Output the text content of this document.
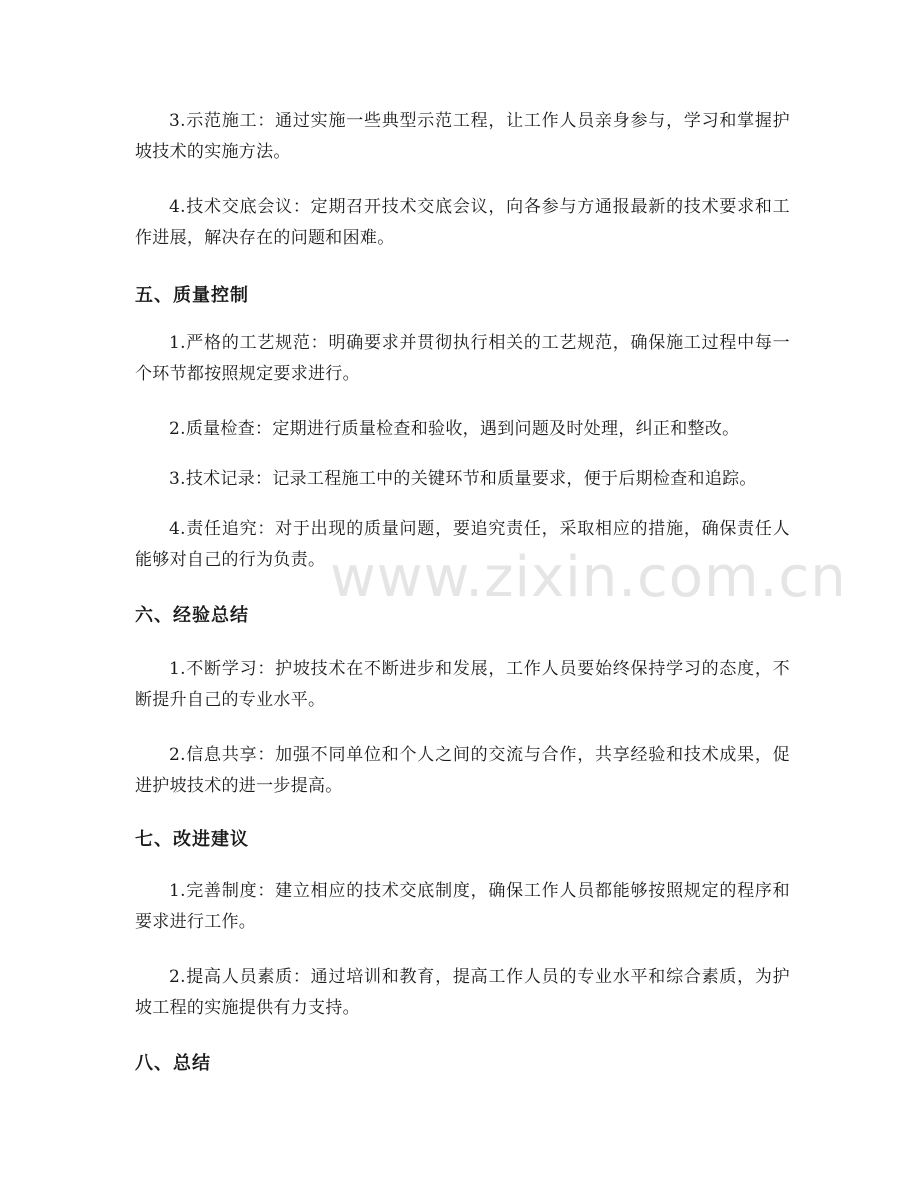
3.示范施工：通过实施一些典型示范工程，让工作人员亲身参与，学习和掌握护坡技术的实施方法。

4.技术交底会议：定期召开技术交底会议，向各参与方通报最新的技术要求和工作进展，解决存在的问题和困难。

五、质量控制

1.严格的工艺规范：明确要求并贯彻执行相关的工艺规范，确保施工过程中每一个环节都按照规定要求进行。

2.质量检查：定期进行质量检查和验收，遇到问题及时处理，纠正和整改。

3.技术记录：记录工程施工中的关键环节和质量要求，便于后期检查和追踪。

4.责任追究：对于出现的质量问题，要追究责任，采取相应的措施，确保责任人能够对自己的行为负责。

六、经验总结

1.不断学习：护坡技术在不断进步和发展，工作人员要始终保持学习的态度，不断提升自己的专业水平。

2.信息共享：加强不同单位和个人之间的交流与合作，共享经验和技术成果，促进护坡技术的进一步提高。

七、改进建议

1.完善制度：建立相应的技术交底制度，确保工作人员都能够按照规定的程序和要求进行工作。

2.提高人员素质：通过培训和教育，提高工作人员的专业水平和综合素质，为护坡工程的实施提供有力支持。

八、总结
www.zixin.com.cn
